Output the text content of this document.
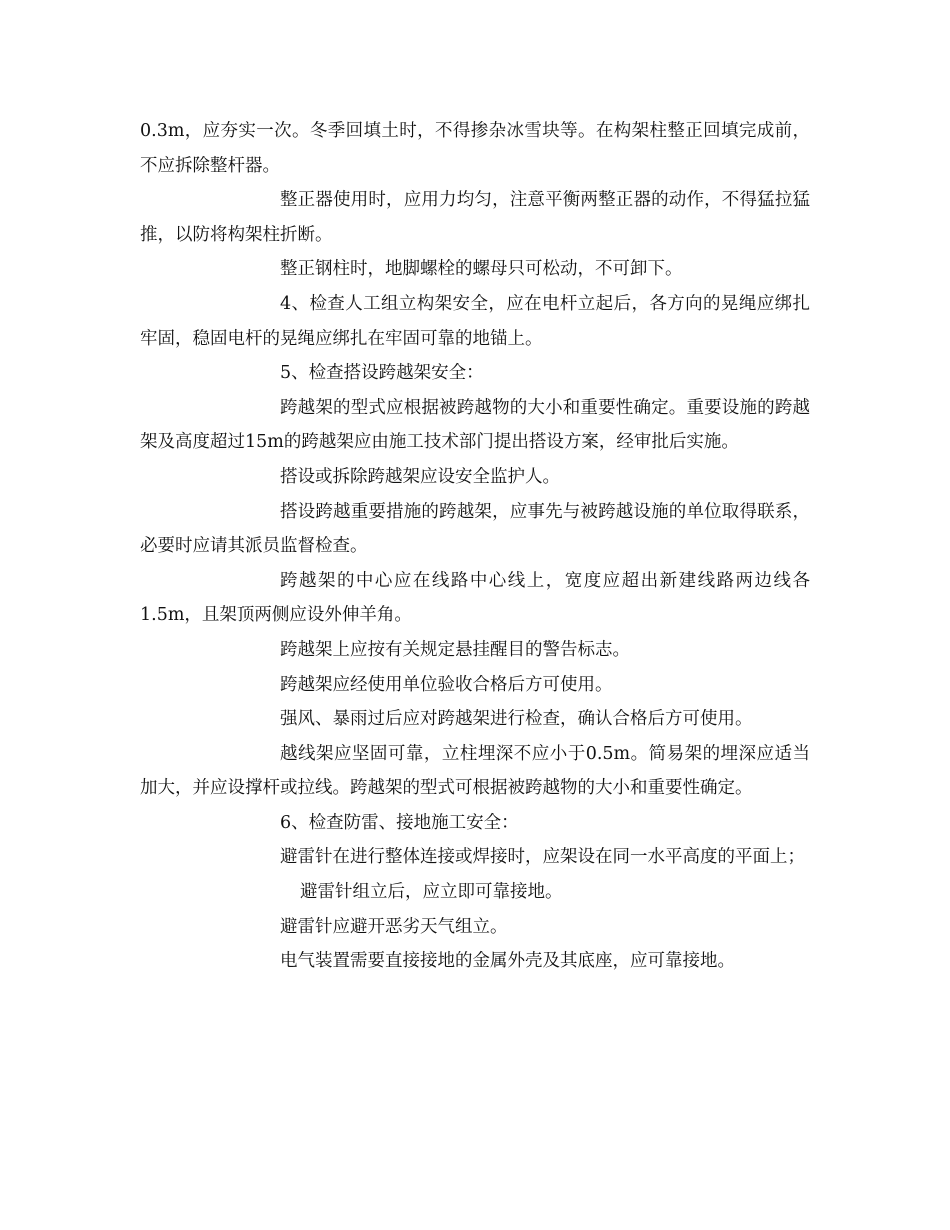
0.3m，应夯实一次。冬季回填土时，不得掺杂冰雪块等。在构架柱整正回填完成前，不应拆除整杆器。

整正器使用时，应用力均匀，注意平衡两整正器的动作，不得猛拉猛推，以防将构架柱折断。

整正钢柱时，地脚螺栓的螺母只可松动，不可卸下。

4、检查人工组立构架安全，应在电杆立起后，各方向的晃绳应绑扎牢固，稳固电杆的晃绳应绑扎在牢固可靠的地锚上。

5、检查搭设跨越架安全：

跨越架的型式应根据被跨越物的大小和重要性确定。重要设施的跨越架及高度超过15m的跨越架应由施工技术部门提出搭设方案，经审批后实施。

搭设或拆除跨越架应设安全监护人。

搭设跨越重要措施的跨越架，应事先与被跨越设施的单位取得联系，必要时应请其派员监督检查。

跨越架的中心应在线路中心线上，宽度应超出新建线路两边线各1.5m，且架顶两侧应设外伸羊角。

跨越架上应按有关规定悬挂醒目的警告标志。

跨越架应经使用单位验收合格后方可使用。

强风、暴雨过后应对跨越架进行检查，确认合格后方可使用。

越线架应坚固可靠，立柱埋深不应小于0.5m。简易架的埋深应适当加大，并应设撑杆或拉线。跨越架的型式可根据被跨越物的大小和重要性确定。

6、检查防雷、接地施工安全：

避雷针在进行整体连接或焊接时，应架设在同一水平高度的平面上；

避雷针组立后，应立即可靠接地。

避雷针应避开恶劣天气组立。

电气装置需要直接接地的金属外壳及其底座，应可靠接地。
